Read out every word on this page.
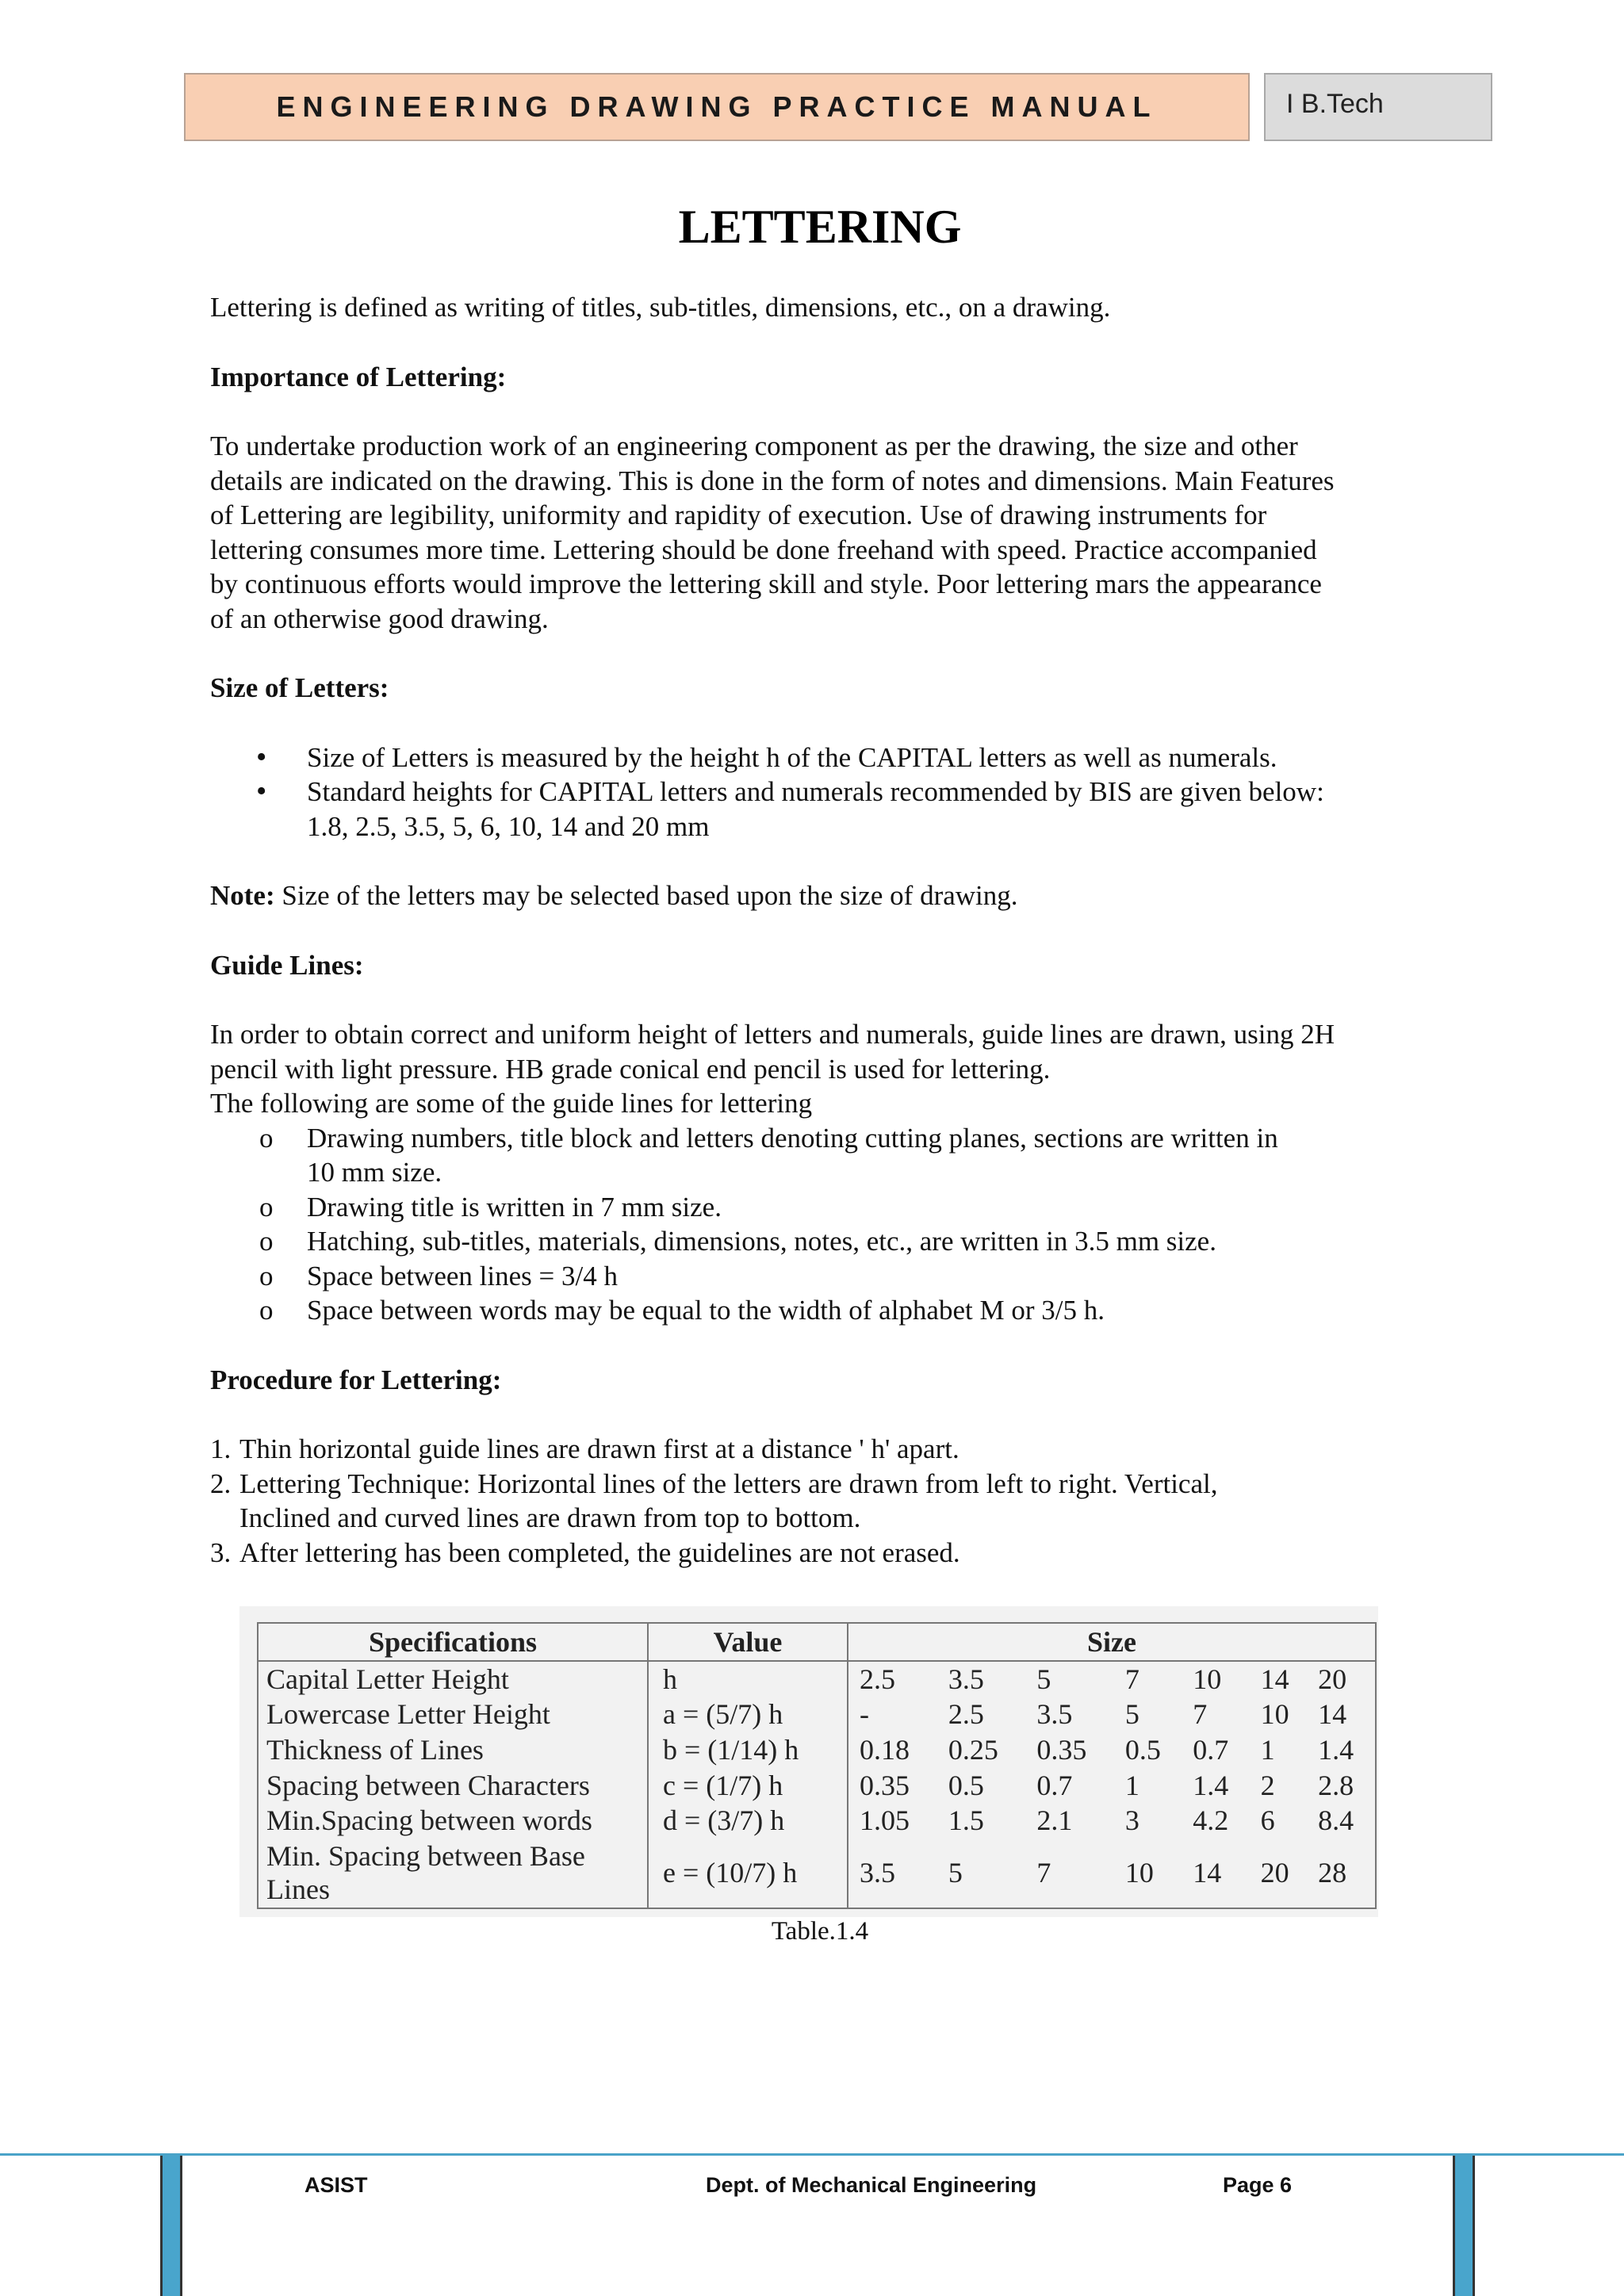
ENGINEERING DRAWING PRACTICE MANUAL	I B.Tech
LETTERING

Lettering is defined as writing of titles, sub-titles, dimensions, etc., on a drawing.

Importance of Lettering:

To undertake production work of an engineering component as per the drawing, the size and other

details are indicated on the drawing. This is done in the form of notes and dimensions. Main Features

of Lettering are legibility, uniformity and rapidity of execution. Use of drawing instruments for

lettering consumes more time. Lettering should be done freehand with speed. Practice accompanied

by continuous efforts would improve the lettering skill and style. Poor lettering mars the appearance

of an otherwise good drawing.

Size of Letters:
• Size of Letters is measured by the height h of the CAPITAL letters as well as numerals.
• Standard heights for CAPITAL letters and numerals recommended by BIS are given below:
1.8, 2.5, 3.5, 5, 6, 10, 14 and 20 mm

Note: Size of the letters may be selected based upon the size of drawing.

Guide Lines:

In order to obtain correct and uniform height of letters and numerals, guide lines are drawn, using 2H

pencil with light pressure. HB grade conical end pencil is used for lettering.

The following are some of the guide lines for lettering

o Drawing numbers, title block and letters denoting cutting planes, sections are written in
10 mm size.
o Drawing title is written in 7 mm size.
o Hatching, sub-titles, materials, dimensions, notes, etc., are written in 3.5 mm size.
o Space between lines = 3/4 h
o Space between words may be equal to the width of alphabet M or 3/5 h.
Procedure for Lettering:
1. Thin horizontal guide lines are drawn first at a distance ' h' apart.
2. Lettering Technique: Horizontal lines of the letters are drawn from left to right. Vertical,
Inclined and curved lines are drawn from top to bottom.
3. After lettering has been completed, the guidelines are not erased.
Specifications	Value	Size						
Capital Letter Height	h	2.5	3.5	5	7	10	14	20
Lowercase Letter Height	a = (5/7) h	-	2.5	3.5	5	7	10	14
Thickness of Lines	b = (1/14) h	0.18	0.25	0.35	0.5	0.7	1	1.4
Spacing between Characters	c = (1/7) h	0.35	0.5	0.7	1	1.4	2	2.8
Min.Spacing between words	d = (3/7) h	1.05	1.5	2.1	3	4.2	6	8.4
Min. Spacing between Base
Lines	e = (10/7) h	3.5	5	7	10	14	20	28
Table.1.4
ASIST	Dept. of Mechanical Engineering	Page 6
